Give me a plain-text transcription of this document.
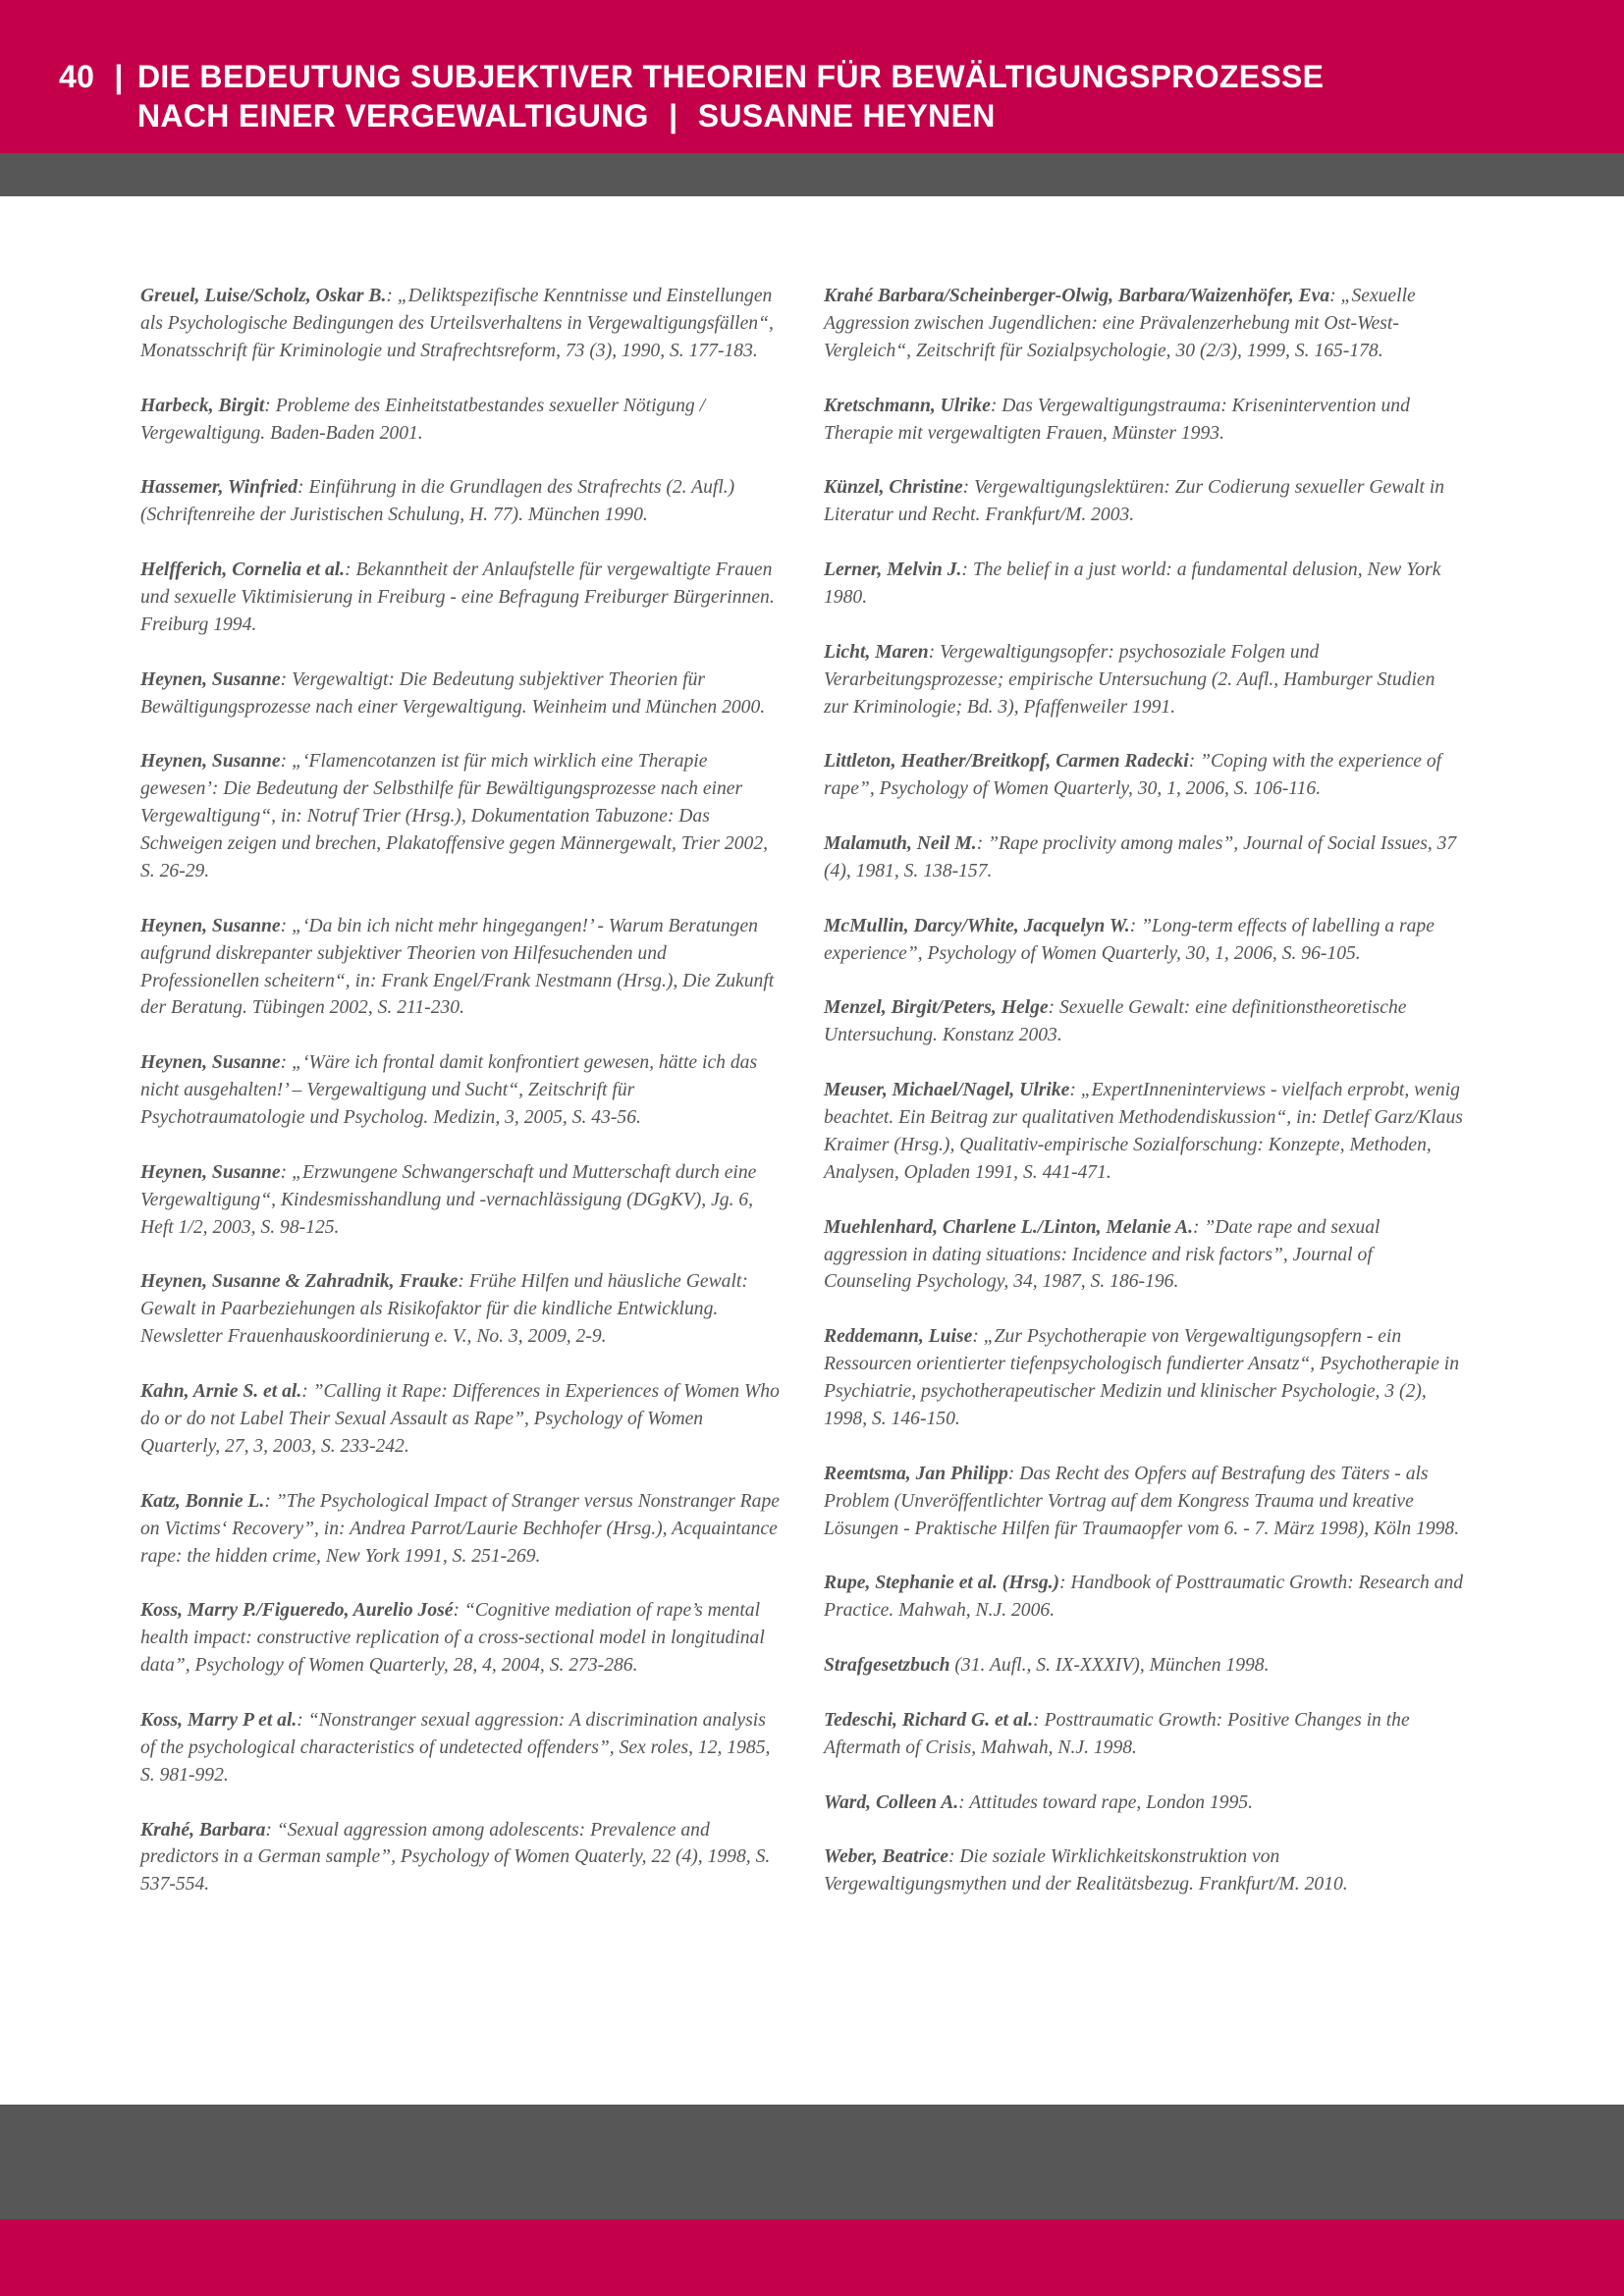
40 | DIE BEDEUTUNG SUBJEKTIVER THEORIEN FÜR BEWÄLTIGUNGSPROZESSE
NACH EINER VERGEWALTIGUNG | SUSANNE HEYNEN

Greuel, Luise/Scholz, Oskar B.: „Deliktspezifische Kenntnisse und Einstellungen als Psychologische Bedingungen des Urteilsverhaltens in Vergewaltigungsfällen“, Monatsschrift für Kriminologie und Strafrechtsreform, 73 (3), 1990, S. 177-183.

Harbeck, Birgit: Probleme des Einheitstatbestandes sexueller Nötigung / Vergewaltigung. Baden-Baden 2001.

Hassemer, Winfried: Einführung in die Grundlagen des Strafrechts (2. Aufl.) (Schriftenreihe der Juristischen Schulung, H. 77). München 1990.

Helfferich, Cornelia et al.: Bekanntheit der Anlaufstelle für vergewaltigte Frauen und sexuelle Viktimisierung in Freiburg - eine Befragung Freiburger Bürgerinnen. Freiburg 1994.

Heynen, Susanne: Vergewaltigt: Die Bedeutung subjektiver Theorien für Bewältigungsprozesse nach einer Vergewaltigung. Weinheim und München 2000.

Heynen, Susanne: „‘Flamencotanzen ist für mich wirklich eine Therapie gewesen’: Die Bedeutung der Selbsthilfe für Bewältigungsprozesse nach einer Vergewaltigung“, in: Notruf Trier (Hrsg.), Dokumentation Tabuzone: Das Schweigen zeigen und brechen, Plakatoffensive gegen Männergewalt, Trier 2002, S. 26-29.

Heynen, Susanne: „‘Da bin ich nicht mehr hingegangen!’ - Warum Beratungen aufgrund diskrepanter subjektiver Theorien von Hilfesuchenden und Professionellen scheitern“, in: Frank Engel/Frank Nestmann (Hrsg.), Die Zukunft der Beratung. Tübingen 2002, S. 211-230.

Heynen, Susanne: „‘Wäre ich frontal damit konfrontiert gewesen, hätte ich das nicht ausgehalten!’ – Vergewaltigung und Sucht“, Zeitschrift für Psychotraumatologie und Psycholog. Medizin, 3, 2005, S. 43-56.

Heynen, Susanne: „Erzwungene Schwangerschaft und Mutterschaft durch eine Vergewaltigung“, Kindesmisshandlung und -vernachlässigung (DGgKV), Jg. 6, Heft 1/2, 2003, S. 98-125.

Heynen, Susanne & Zahradnik, Frauke: Frühe Hilfen und häusliche Gewalt: Gewalt in Paarbeziehungen als Risikofaktor für die kindliche Entwicklung. Newsletter Frauenhauskoordinierung e. V., No. 3, 2009, 2-9.

Kahn, Arnie S. et al.: ”Calling it Rape: Differences in Experiences of Women Who do or do not Label Their Sexual Assault as Rape”, Psychology of Women Quarterly, 27, 3, 2003, S. 233-242.

Katz, Bonnie L.: ”The Psychological Impact of Stranger versus Nonstranger Rape on Victims‘ Recovery”, in: Andrea Parrot/Laurie Bechhofer (Hrsg.), Acquaintance rape: the hidden crime, New York 1991, S. 251-269.

Koss, Marry P./Figueredo, Aurelio José: “Cognitive mediation of rape’s mental health impact: constructive replication of a cross-sectional model in longitudinal data”, Psychology of Women Quarterly, 28, 4, 2004, S. 273-286.

Koss, Marry P et al.: “Nonstranger sexual aggression: A discrimination analysis of the psychological characteristics of undetected offenders”, Sex roles, 12, 1985, S. 981-992.

Krahé, Barbara: “Sexual aggression among adolescents: Prevalence and predictors in a German sample”, Psychology of Women Quaterly, 22 (4), 1998, S. 537-554.

Krahé Barbara/Scheinberger-Olwig, Barbara/Waizenhöfer, Eva: „Sexuelle Aggression zwischen Jugendlichen: eine Prävalenzerhebung mit Ost-West-Vergleich“, Zeitschrift für Sozialpsychologie, 30 (2/3), 1999, S. 165-178.

Kretschmann, Ulrike: Das Vergewaltigungstrauma: Krisenintervention und Therapie mit vergewaltigten Frauen, Münster 1993.

Künzel, Christine: Vergewaltigungslektüren: Zur Codierung sexueller Gewalt in Literatur und Recht. Frankfurt/M. 2003.

Lerner, Melvin J.: The belief in a just world: a fundamental delusion, New York 1980.

Licht, Maren: Vergewaltigungsopfer: psychosoziale Folgen und Verarbeitungsprozesse; empirische Untersuchung (2. Aufl., Hamburger Studien zur Kriminologie; Bd. 3), Pfaffenweiler 1991.

Littleton, Heather/Breitkopf, Carmen Radecki: ”Coping with the experience of rape”, Psychology of Women Quarterly, 30, 1, 2006, S. 106-116.

Malamuth, Neil M.: ”Rape proclivity among males”, Journal of Social Issues, 37 (4), 1981, S. 138-157.

McMullin, Darcy/White, Jacquelyn W.: ”Long-term effects of labelling a rape experience”, Psychology of Women Quarterly, 30, 1, 2006, S. 96-105.

Menzel, Birgit/Peters, Helge: Sexuelle Gewalt: eine definitionstheoretische Untersuchung. Konstanz 2003.

Meuser, Michael/Nagel, Ulrike: „ExpertInneninterviews - vielfach erprobt, wenig beachtet. Ein Beitrag zur qualitativen Methodendiskussion“, in: Detlef Garz/Klaus Kraimer (Hrsg.), Qualitativ-empirische Sozialforschung: Konzepte, Methoden, Analysen, Opladen 1991, S. 441-471.

Muehlenhard, Charlene L./Linton, Melanie A.: ”Date rape and sexual aggression in dating situations: Incidence and risk factors”, Journal of Counseling Psychology, 34, 1987, S. 186-196.

Reddemann, Luise: „Zur Psychotherapie von Vergewaltigungsopfern - ein Ressourcen orientierter tiefenpsychologisch fundierter Ansatz“, Psychotherapie in Psychiatrie, psychotherapeutischer Medizin und klinischer Psychologie, 3 (2), 1998, S. 146-150.

Reemtsma, Jan Philipp: Das Recht des Opfers auf Bestrafung des Täters - als Problem (Unveröffentlichter Vortrag auf dem Kongress Trauma und kreative Lösungen - Praktische Hilfen für Traumaopfer vom 6. - 7. März 1998), Köln 1998.

Rupe, Stephanie et al. (Hrsg.): Handbook of Posttraumatic Growth: Research and Practice. Mahwah, N.J. 2006.

Strafgesetzbuch (31. Aufl., S. IX-XXXIV), München 1998.

Tedeschi, Richard G. et al.: Posttraumatic Growth: Positive Changes in the Aftermath of Crisis, Mahwah, N.J. 1998.

Ward, Colleen A.: Attitudes toward rape, London 1995.

Weber, Beatrice: Die soziale Wirklichkeitskonstruktion von Vergewaltigungsmythen und der Realitätsbezug. Frankfurt/M. 2010.
